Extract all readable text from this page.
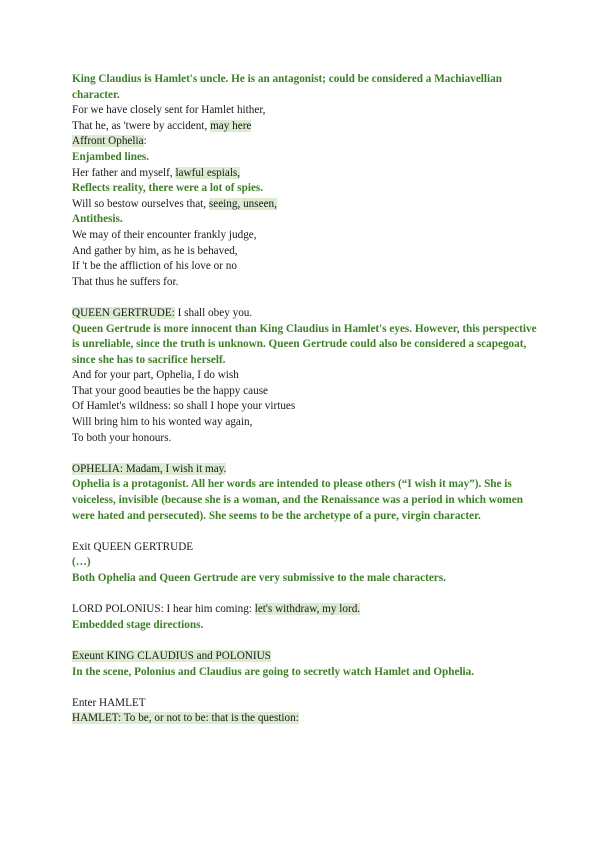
King Claudius is Hamlet's uncle. He is an antagonist; could be considered a Machiavellian character.
For we have closely sent for Hamlet hither,
That he, as 'twere by accident, may here
Affront Ophelia:
Enjambed lines.
Her father and myself, lawful espials,
Reflects reality, there were a lot of spies.
Will so bestow ourselves that, seeing, unseen,
Antithesis.
We may of their encounter frankly judge,
And gather by him, as he is behaved,
If 't be the affliction of his love or no
That thus he suffers for.
QUEEN GERTRUDE: I shall obey you.
Queen Gertrude is more innocent than King Claudius in Hamlet's eyes. However, this perspective is unreliable, since the truth is unknown. Queen Gertrude could also be considered a scapegoat, since she has to sacrifice herself.
And for your part, Ophelia, I do wish
That your good beauties be the happy cause
Of Hamlet's wildness: so shall I hope your virtues
Will bring him to his wonted way again,
To both your honours.
OPHELIA: Madam, I wish it may.
Ophelia is a protagonist. All her words are intended to please others (“I wish it may”). She is voiceless, invisible (because she is a woman, and the Renaissance was a period in which women were hated and persecuted). She seems to be the archetype of a pure, virgin character.
Exit QUEEN GERTRUDE
(…)
Both Ophelia and Queen Gertrude are very submissive to the male characters.
LORD POLONIUS: I hear him coming: let's withdraw, my lord.
Embedded stage directions.
Exeunt KING CLAUDIUS and POLONIUS
In the scene, Polonius and Claudius are going to secretly watch Hamlet and Ophelia.
Enter HAMLET
HAMLET: To be, or not to be: that is the question:
